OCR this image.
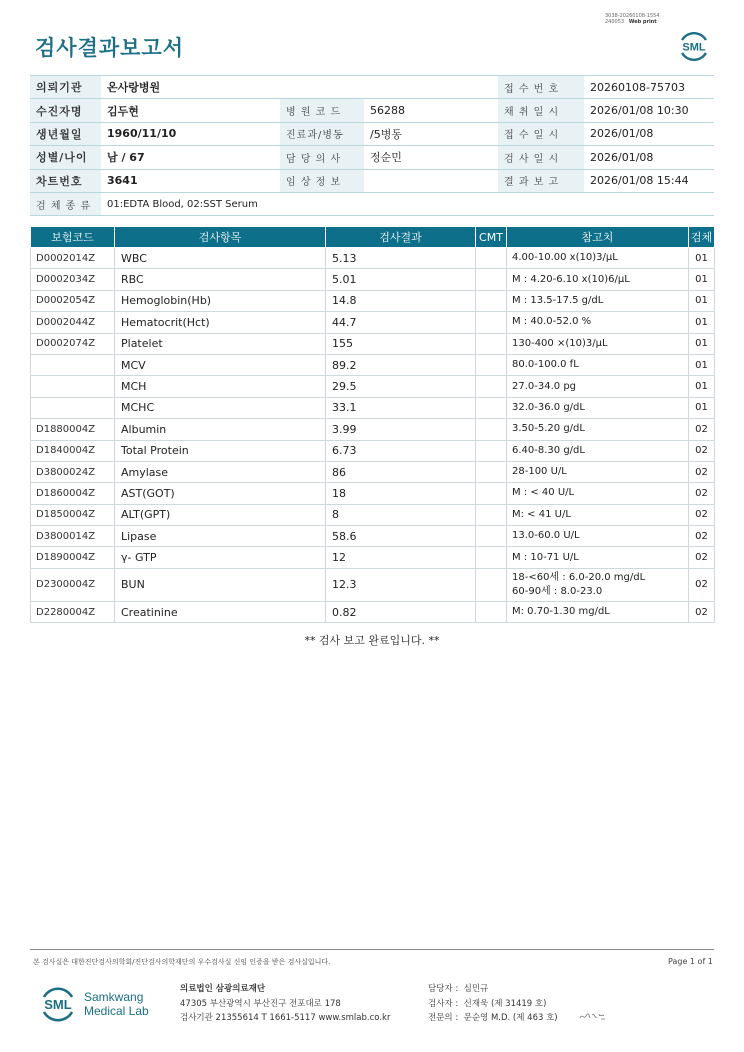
검사결과보고서
3038-20260108-1554
240053 Web print
SML
의뢰기관	온사랑병원			접 수 번 호	20260108-75703
수진자명	김두현	병 원 코 드	56288	채 취 일 시	2026/01/08 10:30
생년월일	1960/11/10	진료과/병동	/5병동	접 수 일 시	2026/01/08
성별/나이	남 / 67	담 당 의 사	정순민	검 사 일 시	2026/01/08
차트번호	3641	임 상 정 보		결 과 보 고	2026/01/08 15:44
검 체 종 류	01:EDTA Blood, 02:SST Serum				
보험코드	검사항목	검사결과	CMT	참고치	검체
D0002014Z	WBC	5.13		4.00-10.00 x(10)3/μL	01
D0002034Z	RBC	5.01		M : 4.20-6.10 x(10)6/μL	01
D0002054Z	Hemoglobin(Hb)	14.8		M : 13.5-17.5 g/dL	01
D0002044Z	Hematocrit(Hct)	44.7		M : 40.0-52.0 %	01
D0002074Z	Platelet	155		130-400 ×(10)3/μL	01
	MCV	89.2		80.0-100.0 fL	01
	MCH	29.5		27.0-34.0 pg	01
	MCHC	33.1		32.0-36.0 g/dL	01
D1880004Z	Albumin	3.99		3.50-5.20 g/dL	02
D1840004Z	Total Protein	6.73		6.40-8.30 g/dL	02
D3800024Z	Amylase	86		28-100 U/L	02
D1860004Z	AST(GOT)	18		M : < 40 U/L	02
D1850004Z	ALT(GPT)	8		M: < 41 U/L	02
D3800014Z	Lipase	58.6		13.0-60.0 U/L	02
D1890004Z	γ- GTP	12		M : 10-71 U/L	02
D2300004Z	BUN	12.3		18-<60세 : 6.0-20.0 mg/dL
60-90세 : 8.0-23.0	02
D2280004Z	Creatinine	0.82		M: 0.70-1.30 mg/dL	02
** 검사 보고 완료입니다. **
본 검사실은 대한진단검사의학회/진단검사의학재단의 우수검사실 신임 인증을 받은 검사실입니다.	Page 1 of 1
SML Samkwang
Medical Lab
의료법인 삼광의료재단
47305 부산광역시 부산진구 전포대로 178
검사기관 21355614 T 1661-5117 www.smlab.co.kr
담당자 : 심민규
검사자 : 신재욱 (제 31419 호)
전문의 : 문순영 M.D. (제 463 호)
